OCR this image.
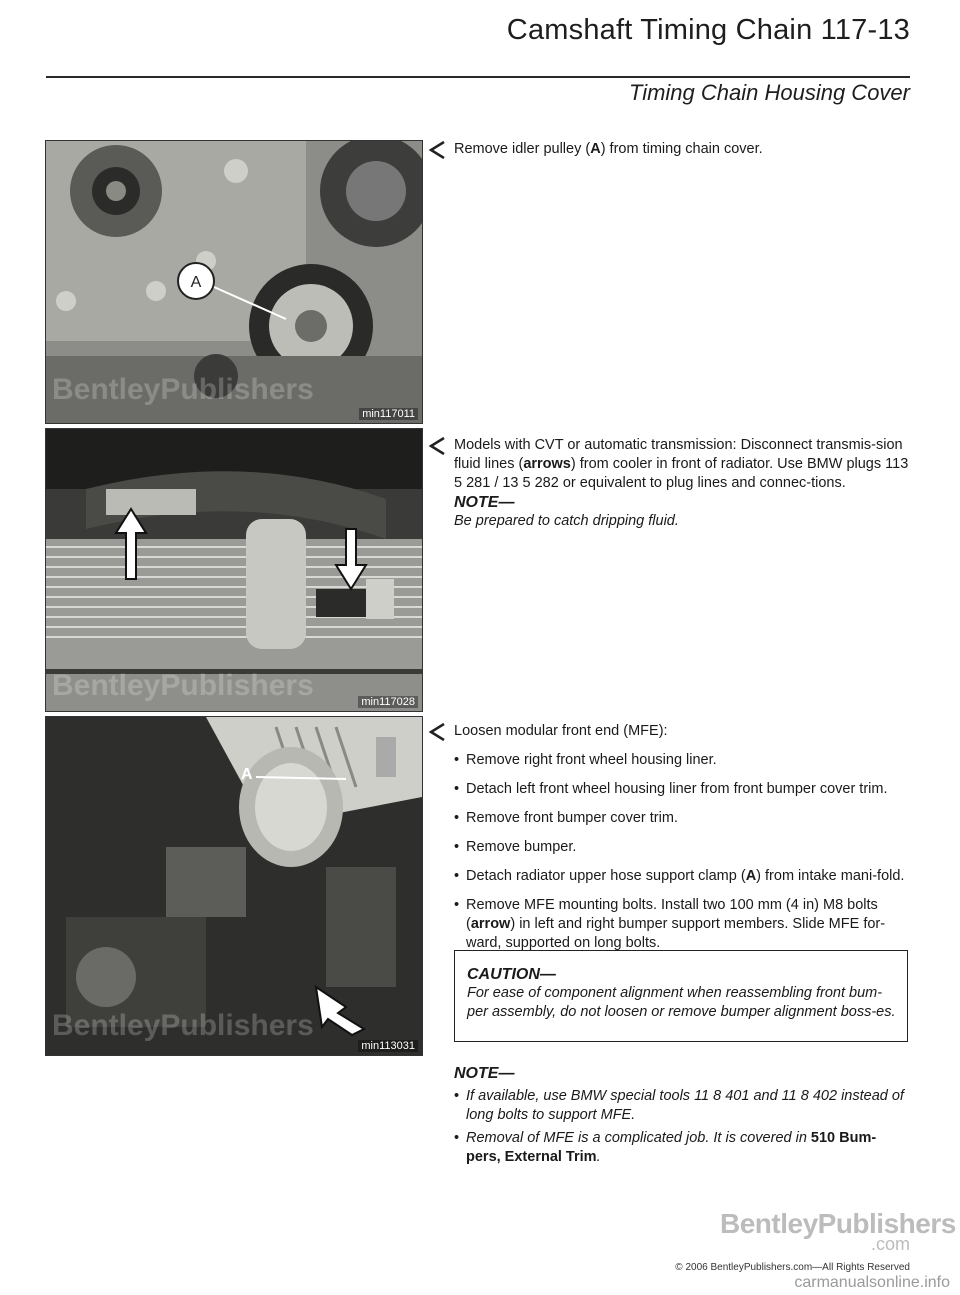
Camshaft Timing Chain 117-13
Timing Chain Housing Cover
A
BentleyPublishers
min117011
BentleyPublishers	min117028
A
BentleyPublishers
min113031

Remove idler pulley (A) from timing chain cover.

Models with CVT or automatic transmission: Disconnect transmis-sion fluid lines (arrows) from cooler in front of radiator. Use BMW plugs 113 5 281 / 13 5 282 or equivalent to plug lines and connec-tions.

NOTE—

Be prepared to catch dripping fluid.

Loosen modular front end (MFE):

• Remove right front wheel housing liner.
• Detach left front wheel housing liner from front bumper cover trim.
• Remove front bumper cover trim.
• Remove bumper.
• Detach radiator upper hose support clamp (A) from intake mani-fold.
• Remove MFE mounting bolts. Install two 100 mm (4 in) M8 bolts (arrow) in left and right bumper support members. Slide MFE for-ward, supported on long bolts.
CAUTION—
For ease of component alignment when reassembling front bum-per assembly, do not loosen or remove bumper alignment boss-es.
NOTE—
• If available, use BMW special tools 11 8 401 and 11 8 402 instead of long bolts to support MFE.
• Removal of MFE is a complicated job. It is covered in 510 Bum-pers, External Trim.
BentleyPublishers
.com
© 2006 BentleyPublishers.com—All Rights Reserved
carmanualsonline.info
